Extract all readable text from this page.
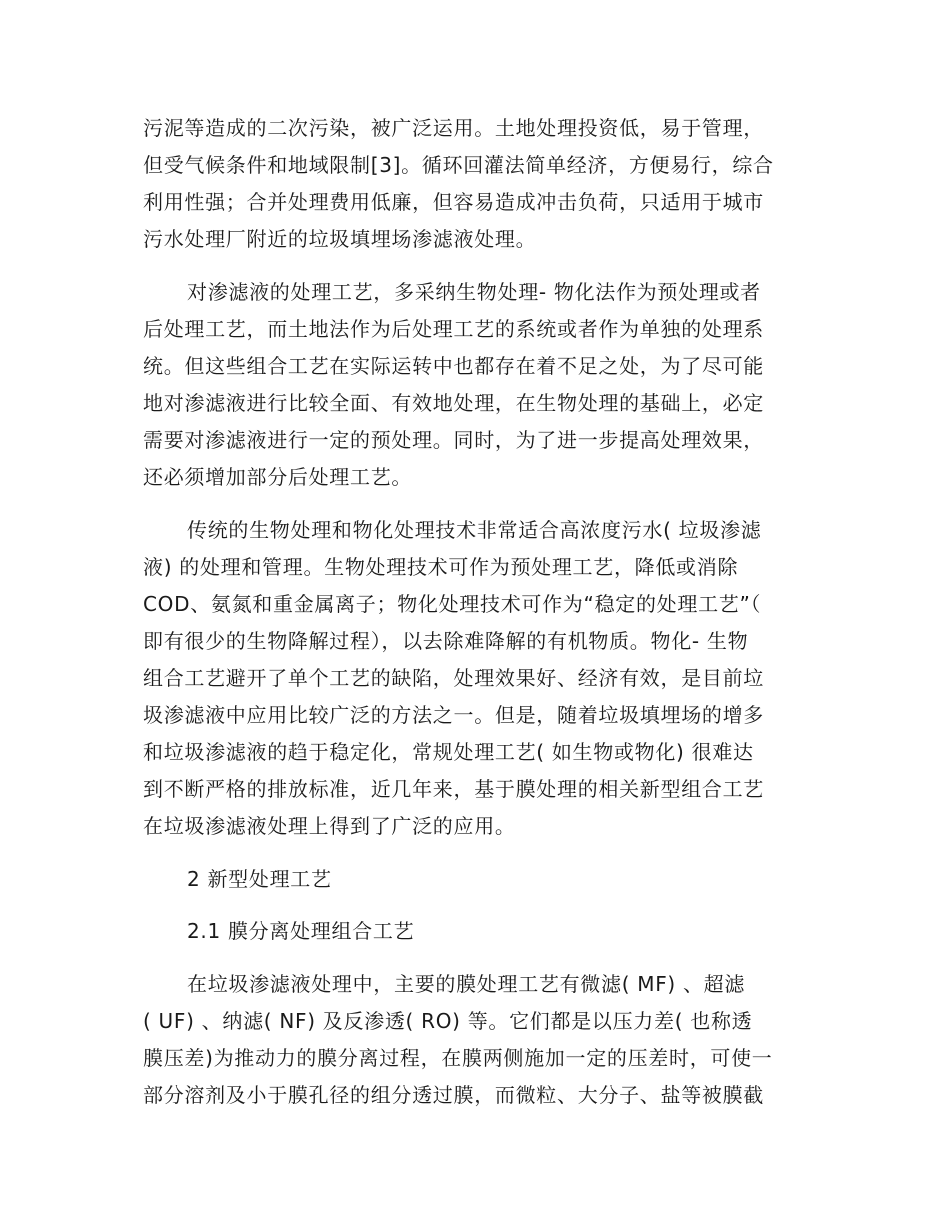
污泥等造成的二次污染，被广泛运用。土地处理投资低，易于管理，

但受气候条件和地域限制[3]。循环回灌法简单经济，方便易行，综合

利用性强；合并处理费用低廉，但容易造成冲击负荷，只适用于城市

污水处理厂附近的垃圾填埋场渗滤液处理。

对渗滤液的处理工艺，多采纳生物处理- 物化法作为预处理或者

后处理工艺，而土地法作为后处理工艺的系统或者作为单独的处理系

统。但这些组合工艺在实际运转中也都存在着不足之处，为了尽可能

地对渗滤液进行比较全面、有效地处理，在生物处理的基础上，必定

需要对渗滤液进行一定的预处理。同时，为了进一步提高处理效果，

还必须增加部分后处理工艺。

传统的生物处理和物化处理技术非常适合高浓度污水( 垃圾渗滤

液) 的处理和管理。生物处理技术可作为预处理工艺，降低或消除

COD、氨氮和重金属离子；物化处理技术可作为“稳定的处理工艺”（

即有很少的生物降解过程），以去除难降解的有机物质。物化- 生物

组合工艺避开了单个工艺的缺陷，处理效果好、经济有效，是目前垃

圾渗滤液中应用比较广泛的方法之一。但是，随着垃圾填埋场的增多

和垃圾渗滤液的趋于稳定化，常规处理工艺( 如生物或物化) 很难达

到不断严格的排放标准，近几年来，基于膜处理的相关新型组合工艺

在垃圾渗滤液处理上得到了广泛的应用。

2 新型处理工艺

2.1 膜分离处理组合工艺

在垃圾渗滤液处理中，主要的膜处理工艺有微滤( MF) 、超滤

( UF) 、纳滤( NF) 及反渗透( RO) 等。它们都是以压力差( 也称透

膜压差)为推动力的膜分离过程，在膜两侧施加一定的压差时，可使一

部分溶剂及小于膜孔径的组分透过膜，而微粒、大分子、盐等被膜截
